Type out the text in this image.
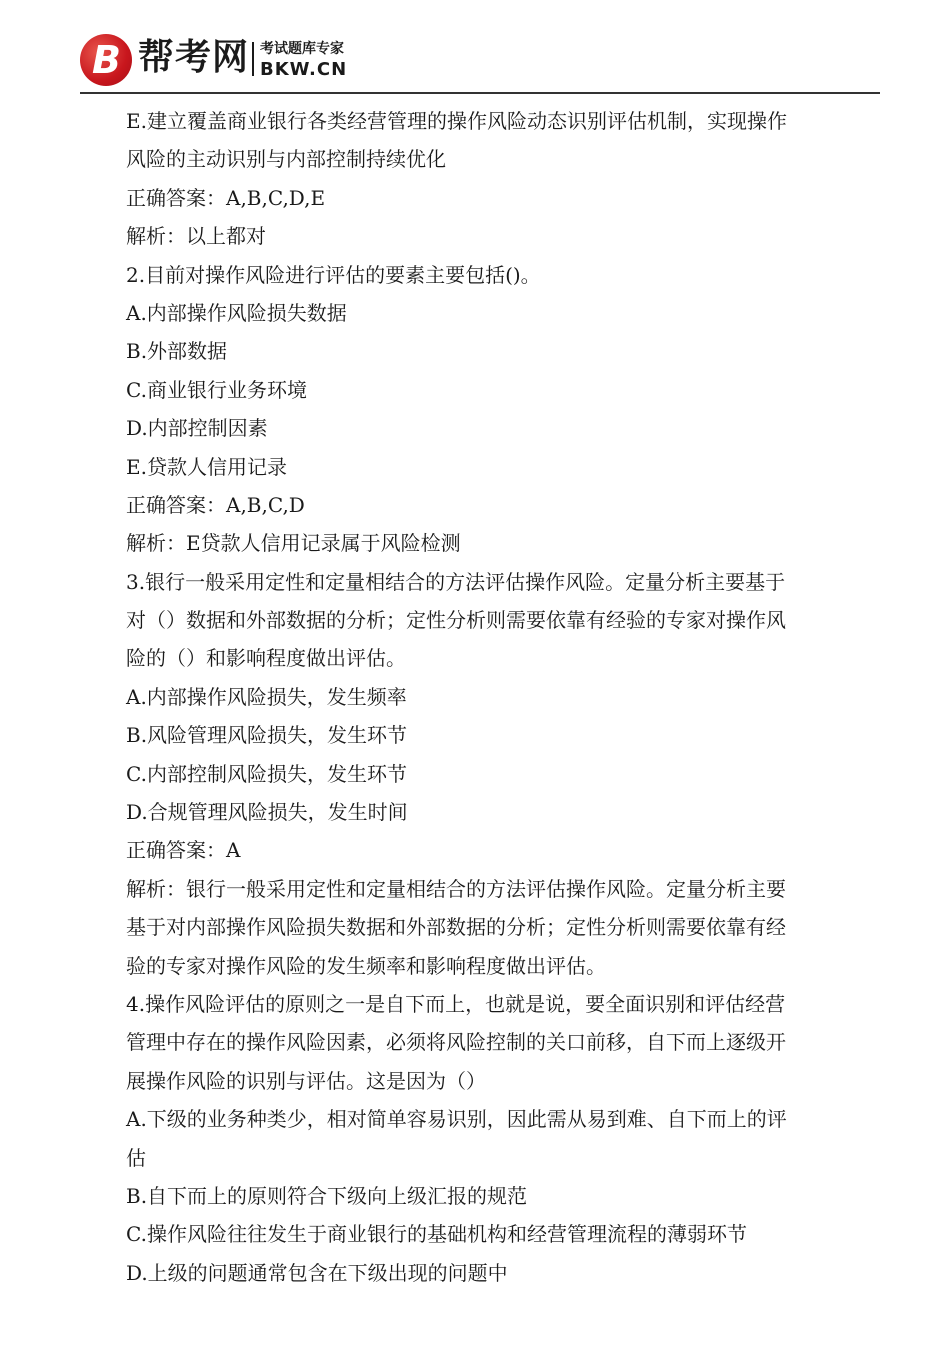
B 帮考网 考试题库专家
BKW.CN
E.建立覆盖商业银行各类经营管理的操作风险动态识别评估机制，实现操作
风险的主动识别与内部控制持续优化
正确答案：A,B,C,D,E
解析：以上都对
2.目前对操作风险进行评估的要素主要包括()。
A.内部操作风险损失数据
B.外部数据
C.商业银行业务环境
D.内部控制因素
E.贷款人信用记录
正确答案：A,B,C,D
解析：E贷款人信用记录属于风险检测
3.银行一般采用定性和定量相结合的方法评估操作风险。定量分析主要基于
对（）数据和外部数据的分析；定性分析则需要依靠有经验的专家对操作风
险的（）和影响程度做出评估。
A.内部操作风险损失，发生频率
B.风险管理风险损失，发生环节
C.内部控制风险损失，发生环节
D.合规管理风险损失，发生时间
正确答案：A
解析：银行一般采用定性和定量相结合的方法评估操作风险。定量分析主要
基于对内部操作风险损失数据和外部数据的分析；定性分析则需要依靠有经
验的专家对操作风险的发生频率和影响程度做出评估。
4.操作风险评估的原则之一是自下而上，也就是说，要全面识别和评估经营
管理中存在的操作风险因素，必须将风险控制的关口前移，自下而上逐级开
展操作风险的识别与评估。这是因为（）
A.下级的业务种类少，相对简单容易识别，因此需从易到难、自下而上的评
估
B.自下而上的原则符合下级向上级汇报的规范
C.操作风险往往发生于商业银行的基础机构和经营管理流程的薄弱环节
D.上级的问题通常包含在下级出现的问题中
